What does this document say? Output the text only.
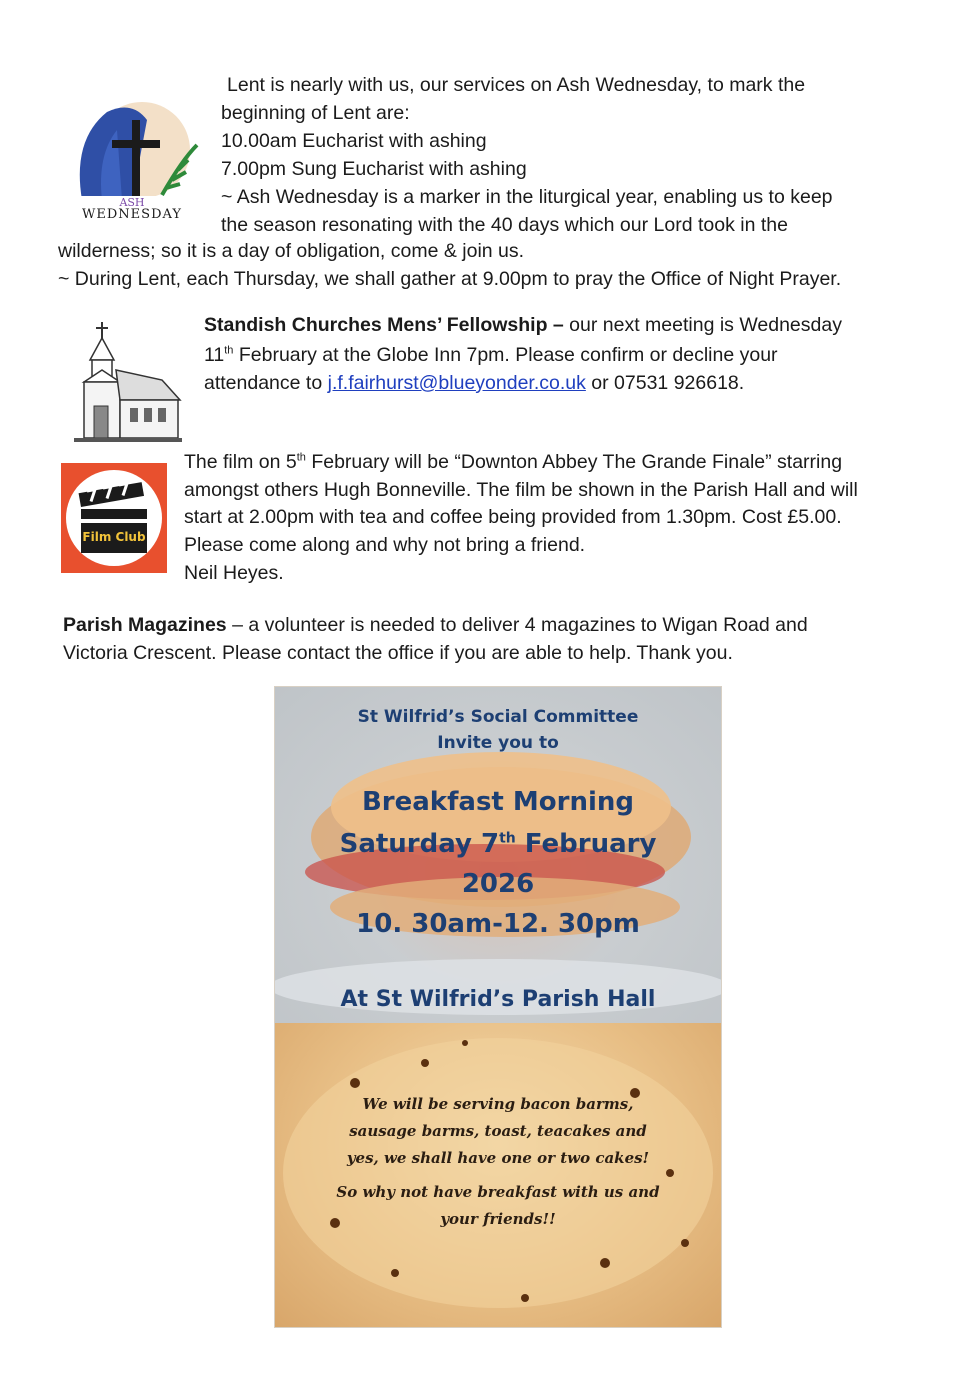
ASH
WEDNESDAY

Lent is nearly with us, our services on Ash Wednesday, to mark the

beginning of Lent are:

10.00am Eucharist with ashing

7.00pm Sung Eucharist with ashing

~ Ash Wednesday is a marker in the liturgical year, enabling us to keep

the season resonating with the 40 days which our Lord took in the

wilderness; so it is a day of obligation, come & join us.

~ During Lent, each Thursday, we shall gather at 9.00pm to pray the Office of Night Prayer.

Standish Churches Mens’ Fellowship – our next meeting is Wednesday

11th February at the Globe Inn 7pm. Please confirm or decline your

attendance to j.f.fairhurst@blueyonder.co.uk or 07531 926618.

Film Club

The film on 5th February will be “Downton Abbey The Grande Finale” starring

amongst others Hugh Bonneville. The film be shown in the Parish Hall and will

start at 2.00pm with tea and coffee being provided from 1.30pm. Cost £5.00.

Please come along and why not bring a friend.

Neil Heyes.

Parish Magazines – a volunteer is needed to deliver 4 magazines to Wigan Road and

Victoria Crescent. Please contact the office if you are able to help. Thank you.

St Wilfrid’s Social Committee
Invite you to
Breakfast Morning
Saturday 7th February
2026
10. 30am-12. 30pm
At St Wilfrid’s Parish Hall
We will be serving bacon barms,
sausage barms, toast, teacakes and
yes, we shall have one or two cakes!
So why not have breakfast with us and
your friends!!
